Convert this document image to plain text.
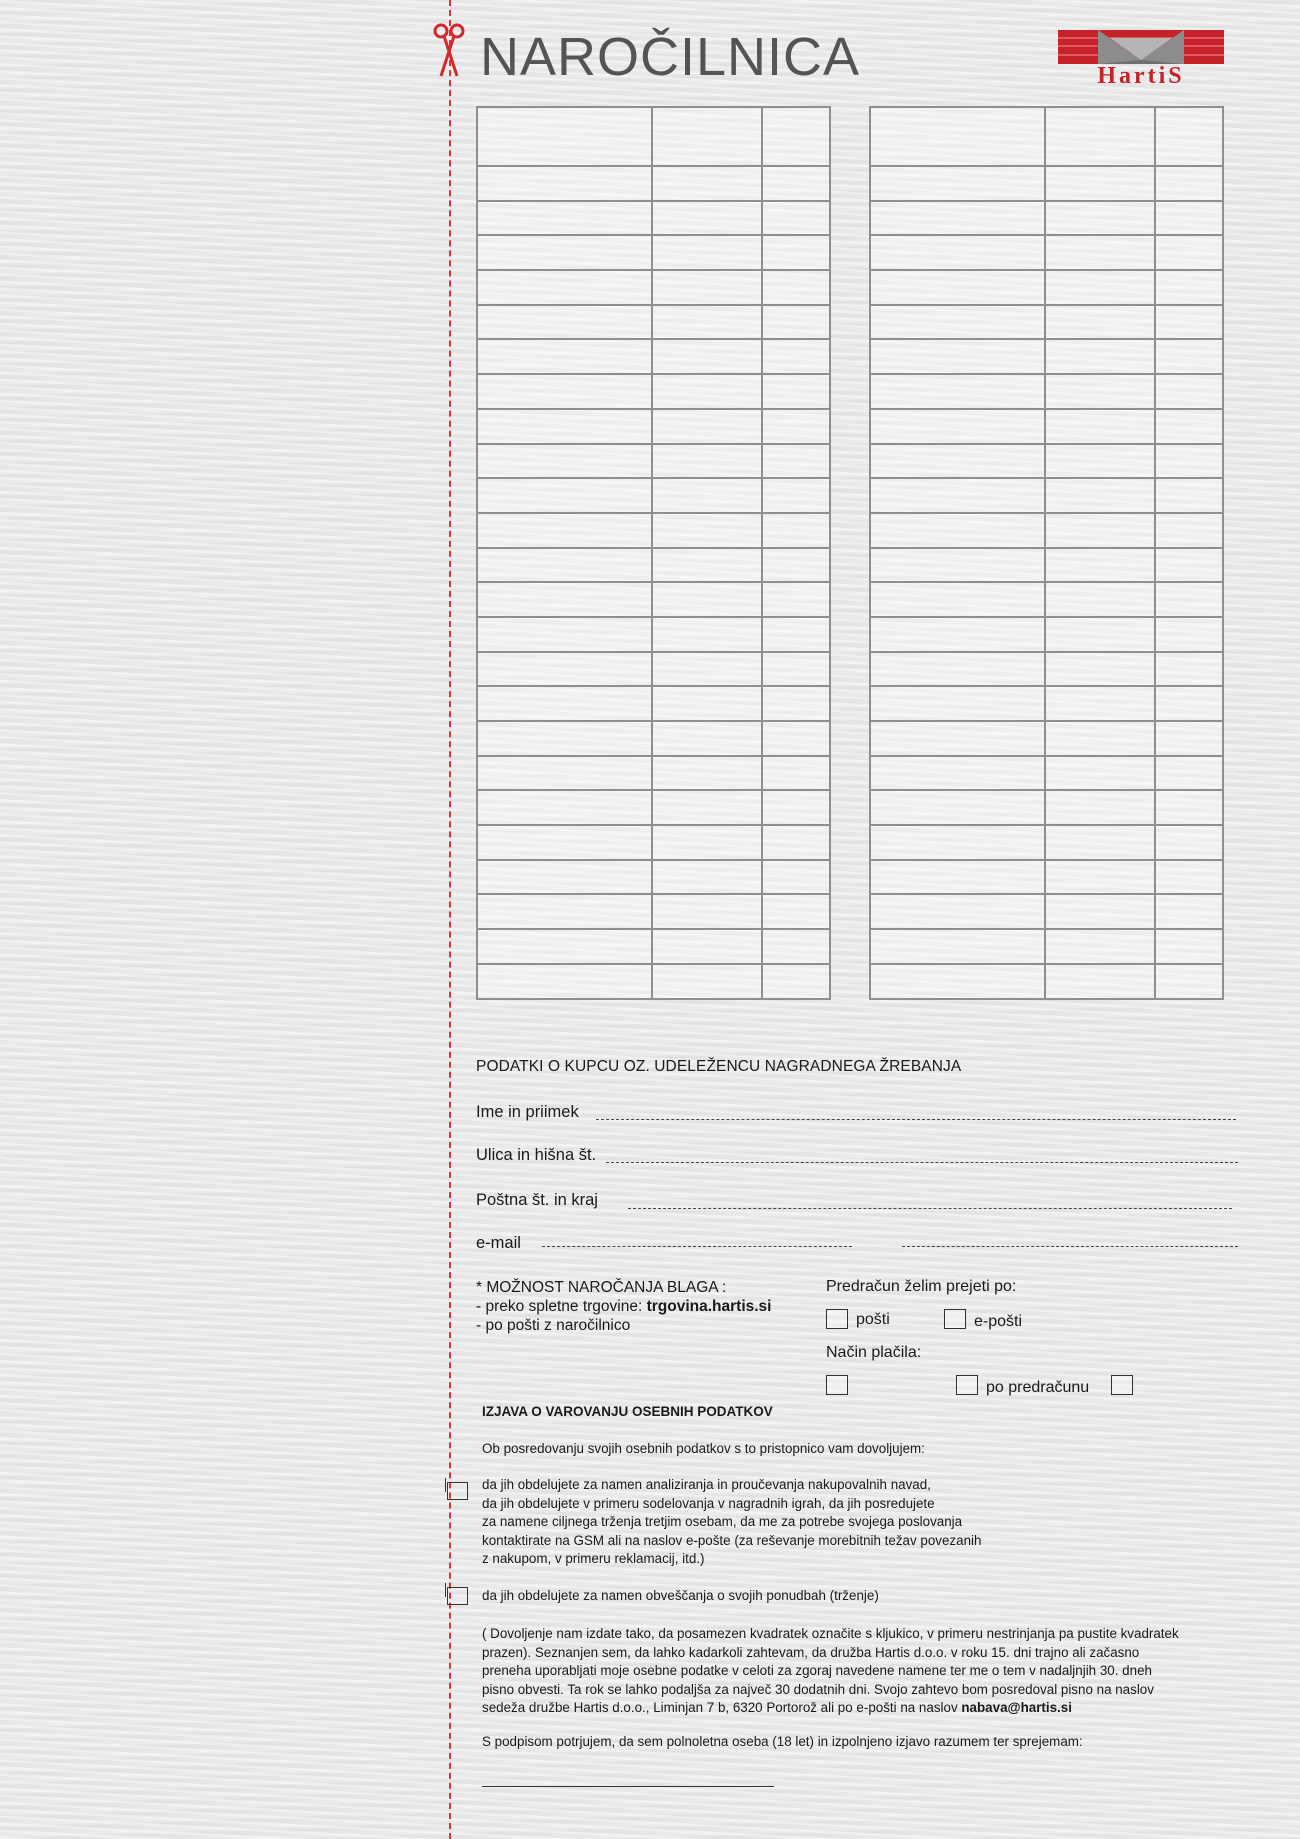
NAROČILNICA	HartiS

PODATKI O KUPCU OZ. UDELEŽENCU NAGRADNEGA ŽREBANJA
Ime in priimek
Ulica in hišna št.
Poštna št. in kraj
e-mail
* MOŽNOST NAROČANJA BLAGA :
- preko spletne trgovine: trgovina.hartis.si
- po pošti z naročilnico
Predračun želim prejeti po:
pošti	e-pošti
Način plačila:
po predračunu
IZJAVA O VAROVANJU OSEBNIH PODATKOV
Ob posredovanju svojih osebnih podatkov s to pristopnico vam dovoljujem:
da jih obdelujete za namen analiziranja in proučevanja nakupovalnih navad,
da jih obdelujete v primeru sodelovanja v nagradnih igrah, da jih posredujete
za namene ciljnega trženja tretjim osebam, da me za potrebe svojega poslovanja
kontaktirate na GSM ali na naslov e-pošte (za reševanje morebitnih težav povezanih
z nakupom, v primeru reklamacij, itd.)
da jih obdelujete za namen obveščanja o svojih ponudbah (trženje)
( Dovoljenje nam izdate tako, da posamezen kvadratek označite s kljukico, v primeru nestrinjanja pa pustite kvadratek
prazen). Seznanjen sem, da lahko kadarkoli zahtevam, da družba Hartis d.o.o. v roku 15. dni trajno ali začasno
preneha uporabljati moje osebne podatke v celoti za zgoraj navedene namene ter me o tem v nadaljnjih 30. dneh
pisno obvesti. Ta rok se lahko podaljša za največ 30 dodatnih dni. Svojo zahtevo bom posredoval pisno na naslov
sedeža družbe Hartis d.o.o., Liminjan 7 b, 6320 Portorož ali po e-pošti na naslov nabava@hartis.si
S podpisom potrjujem, da sem polnoletna oseba (18 let) in izpolnjeno izjavo razumem ter sprejemam:
